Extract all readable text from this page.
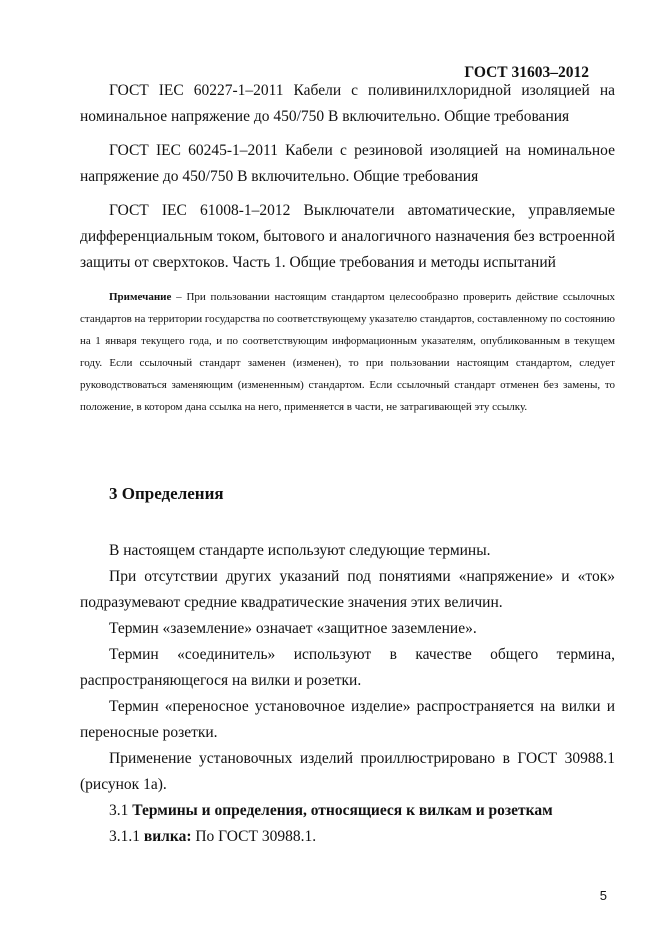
ГОСТ 31603–2012
ГОСТ IEC 60227-1–2011 Кабели с поливинилхлоридной изоляцией на номинальное напряжение до 450/750 В включительно. Общие требования
ГОСТ IEC 60245-1–2011 Кабели с резиновой изоляцией на номинальное напряжение до 450/750 В включительно. Общие требования
ГОСТ IEC 61008-1–2012 Выключатели автоматические, управляемые дифференциальным током, бытового и аналогичного назначения без встроенной защиты от сверхтоков. Часть 1. Общие требования и методы испытаний
Примечание – При пользовании настоящим стандартом целесообразно проверить действие ссылочных стандартов на территории государства по соответствующему указателю стандартов, составленному по состоянию на 1 января текущего года, и по соответствующим информационным указателям, опубликованным в текущем году. Если ссылочный стандарт заменен (изменен), то при пользовании настоящим стандартом, следует руководствоваться заменяющим (измененным) стандартом. Если ссылочный стандарт отменен без замены, то положение, в котором дана ссылка на него, применяется в части, не затрагивающей эту ссылку.
3 Определения
В настоящем стандарте используют следующие термины.
При отсутствии других указаний под понятиями «напряжение» и «ток» подразумевают средние квадратические значения этих величин.
Термин «заземление» означает «защитное заземление».
Термин «соединитель» используют в качестве общего термина, распространяющегося на вилки и розетки.
Термин «переносное установочное изделие» распространяется на вилки и переносные розетки.
Применение установочных изделий проиллюстрировано в ГОСТ 30988.1 (рисунок 1а).
3.1 Термины и определения, относящиеся к вилкам и розеткам
3.1.1 вилка: По ГОСТ 30988.1.
5
